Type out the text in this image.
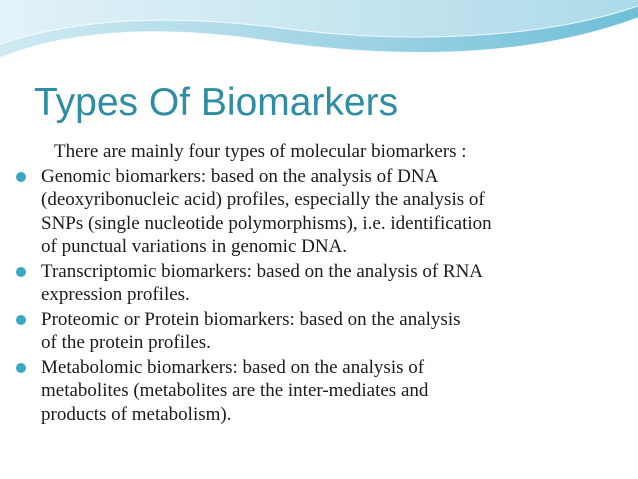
Types Of Biomarkers

There are mainly four types of molecular biomarkers :

Genomic biomarkers: based on the analysis of DNA
(deoxyribonucleic acid) profiles, especially the analysis of
SNPs (single nucleotide polymorphisms), i.e. identification
of punctual variations in genomic DNA.
Transcriptomic biomarkers: based on the analysis of RNA
expression profiles.
Proteomic or Protein biomarkers: based on the analysis
of the protein profiles.
Metabolomic biomarkers: based on the analysis of
metabolites (metabolites are the inter-mediates and
products of metabolism).
